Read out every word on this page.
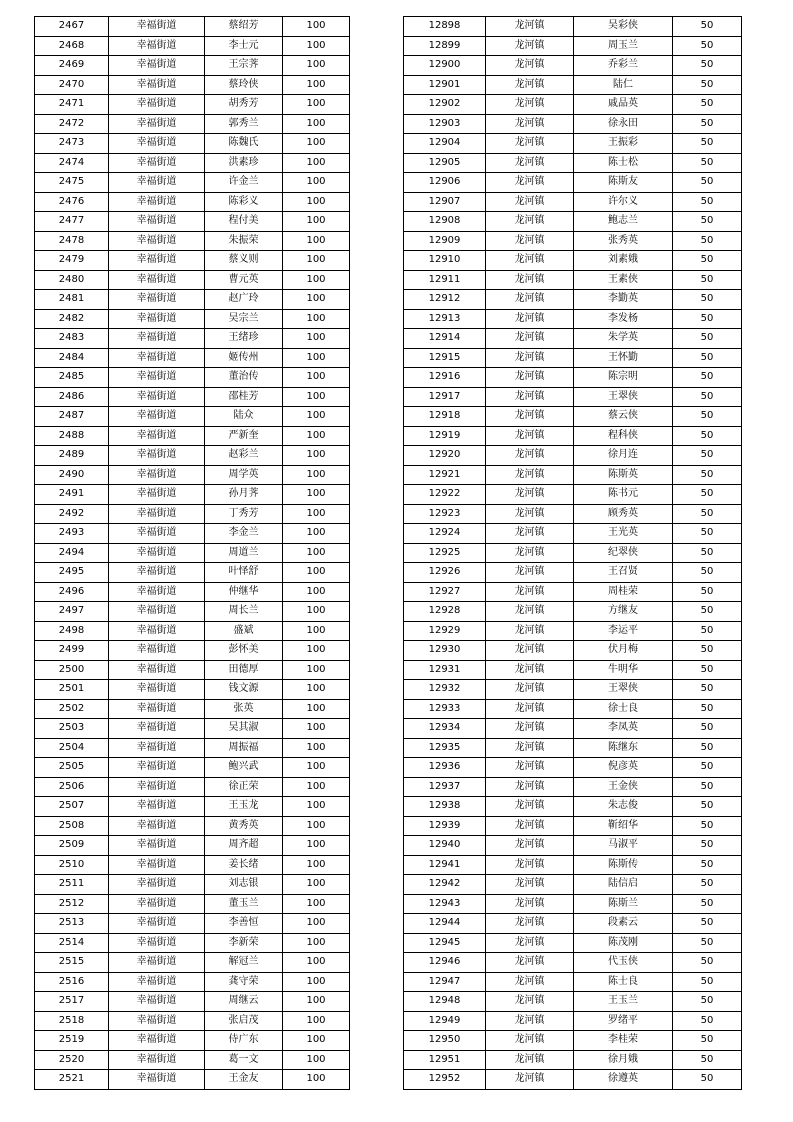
2467	幸福街道	蔡绍芳	100
2468	幸福街道	李士元	100
2469	幸福街道	王宗荠	100
2470	幸福街道	蔡玲侠	100
2471	幸福街道	胡秀芳	100
2472	幸福街道	郭秀兰	100
2473	幸福街道	陈魏氏	100
2474	幸福街道	洪素珍	100
2475	幸福街道	许金兰	100
2476	幸福街道	陈彩义	100
2477	幸福街道	程付美	100
2478	幸福街道	朱振荣	100
2479	幸福街道	蔡义则	100
2480	幸福街道	曹元英	100
2481	幸福街道	赵广玲	100
2482	幸福街道	吴宗兰	100
2483	幸福街道	王绪珍	100
2484	幸福街道	姬传州	100
2485	幸福街道	董治传	100
2486	幸福街道	邵桂芳	100
2487	幸福街道	陆众	100
2488	幸福街道	严新奎	100
2489	幸福街道	赵彩兰	100
2490	幸福街道	周学英	100
2491	幸福街道	孙月荠	100
2492	幸福街道	丁秀芳	100
2493	幸福街道	李金兰	100
2494	幸福街道	周道兰	100
2495	幸福街道	叶怿舒	100
2496	幸福街道	仲继华	100
2497	幸福街道	周长兰	100
2498	幸福街道	盛斌	100
2499	幸福街道	彭怀美	100
2500	幸福街道	田德厚	100
2501	幸福街道	钱文源	100
2502	幸福街道	张英	100
2503	幸福街道	吴其淑	100
2504	幸福街道	周振福	100
2505	幸福街道	鲍兴武	100
2506	幸福街道	徐正荣	100
2507	幸福街道	王玉龙	100
2508	幸福街道	黄秀英	100
2509	幸福街道	周齐超	100
2510	幸福街道	姜长绪	100
2511	幸福街道	刘志银	100
2512	幸福街道	董玉兰	100
2513	幸福街道	李善恒	100
2514	幸福街道	李新荣	100
2515	幸福街道	解冠兰	100
2516	幸福街道	龚守荣	100
2517	幸福街道	周继云	100
2518	幸福街道	张启茂	100
2519	幸福街道	侍广东	100
2520	幸福街道	葛一文	100
2521	幸福街道	王金友	100
12898	龙河镇	吴彩侠	50
12899	龙河镇	周玉兰	50
12900	龙河镇	乔彩兰	50
12901	龙河镇	陆仁	50
12902	龙河镇	戚品英	50
12903	龙河镇	徐永田	50
12904	龙河镇	王振彩	50
12905	龙河镇	陈士松	50
12906	龙河镇	陈斯友	50
12907	龙河镇	许尔义	50
12908	龙河镇	鲍志兰	50
12909	龙河镇	张秀英	50
12910	龙河镇	刘素娥	50
12911	龙河镇	王素侠	50
12912	龙河镇	李勤英	50
12913	龙河镇	李发杨	50
12914	龙河镇	朱学英	50
12915	龙河镇	王怀勤	50
12916	龙河镇	陈宗明	50
12917	龙河镇	王翠侠	50
12918	龙河镇	蔡云侠	50
12919	龙河镇	程科侠	50
12920	龙河镇	徐月连	50
12921	龙河镇	陈斯英	50
12922	龙河镇	陈书元	50
12923	龙河镇	顾秀英	50
12924	龙河镇	王光英	50
12925	龙河镇	纪翠侠	50
12926	龙河镇	王召贤	50
12927	龙河镇	周桂荣	50
12928	龙河镇	方继友	50
12929	龙河镇	李运平	50
12930	龙河镇	伏月梅	50
12931	龙河镇	牛明华	50
12932	龙河镇	王翠侠	50
12933	龙河镇	徐士良	50
12934	龙河镇	李凤英	50
12935	龙河镇	陈继东	50
12936	龙河镇	倪彦英	50
12937	龙河镇	王金侠	50
12938	龙河镇	朱志俊	50
12939	龙河镇	靳绍华	50
12940	龙河镇	马淑平	50
12941	龙河镇	陈斯传	50
12942	龙河镇	陆信启	50
12943	龙河镇	陈斯兰	50
12944	龙河镇	段素云	50
12945	龙河镇	陈茂刚	50
12946	龙河镇	代玉侠	50
12947	龙河镇	陈士良	50
12948	龙河镇	王玉兰	50
12949	龙河镇	罗绪平	50
12950	龙河镇	李桂荣	50
12951	龙河镇	徐月娥	50
12952	龙河镇	徐遵英	50
